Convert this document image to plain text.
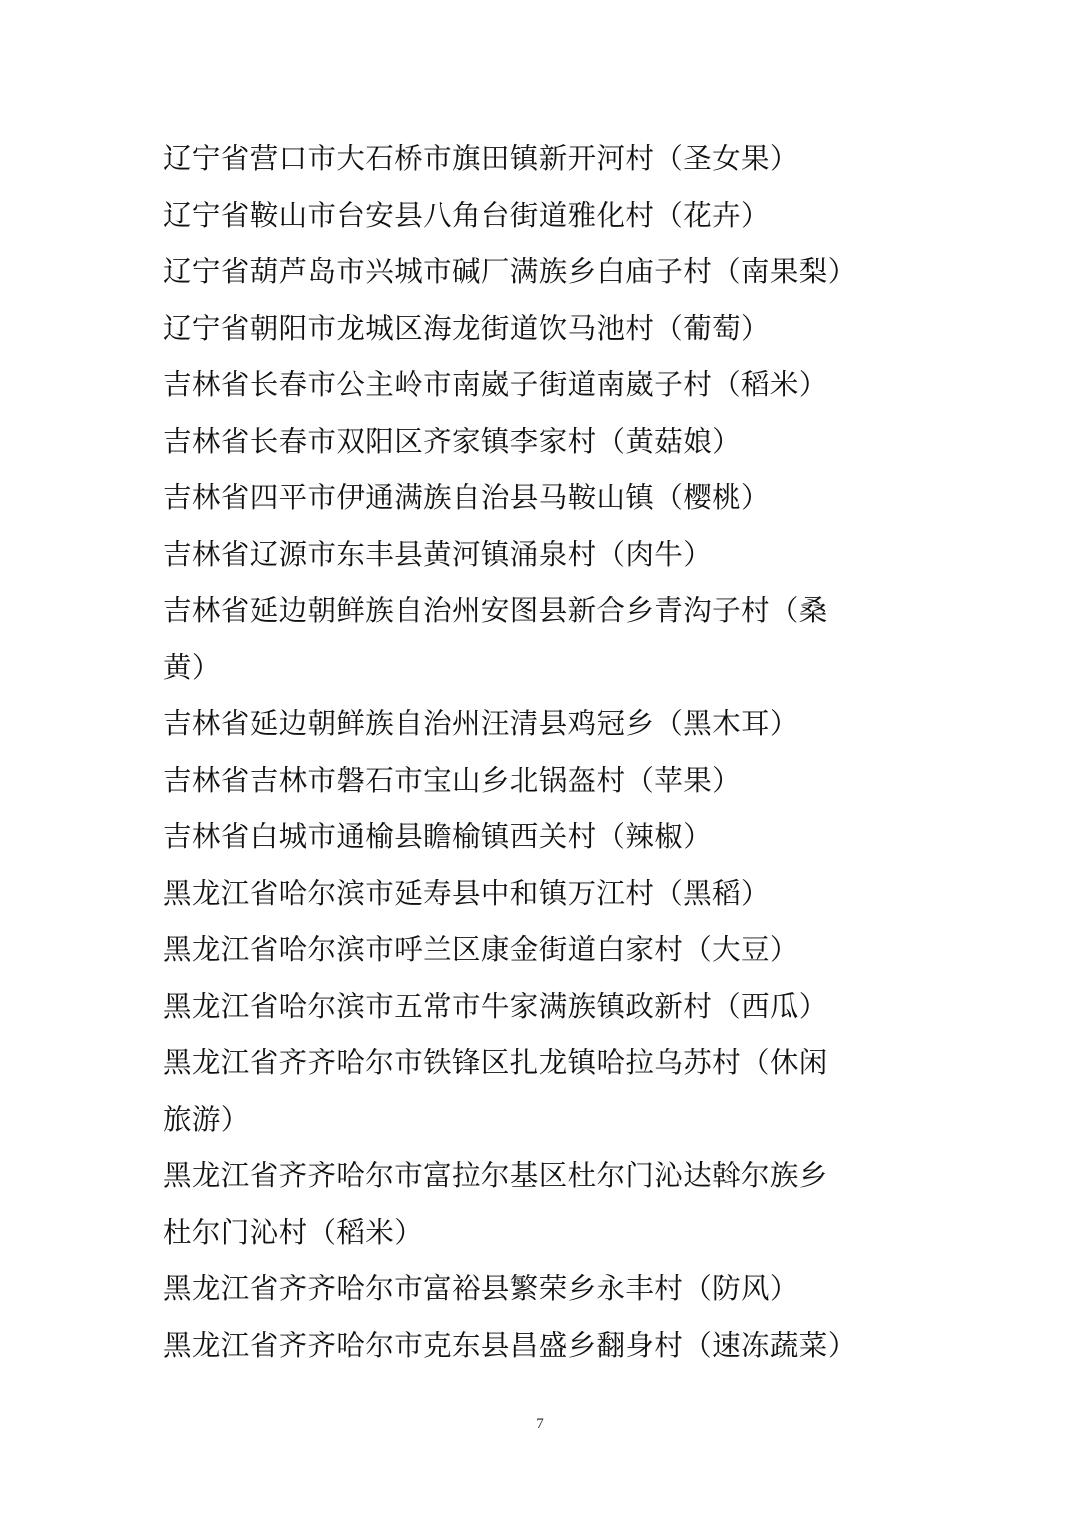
辽宁省营口市大石桥市旗田镇新开河村（圣女果）
辽宁省鞍山市台安县八角台街道雅化村（花卉）
辽宁省葫芦岛市兴城市碱厂满族乡白庙子村（南果梨）
辽宁省朝阳市龙城区海龙街道饮马池村（葡萄）
吉林省长春市公主岭市南崴子街道南崴子村（稻米）
吉林省长春市双阳区齐家镇李家村（黄菇娘）
吉林省四平市伊通满族自治县马鞍山镇（樱桃）
吉林省辽源市东丰县黄河镇涌泉村（肉牛）
吉林省延边朝鲜族自治州安图县新合乡青沟子村（桑黄）
吉林省延边朝鲜族自治州汪清县鸡冠乡（黑木耳）
吉林省吉林市磐石市宝山乡北锅盔村（苹果）
吉林省白城市通榆县瞻榆镇西关村（辣椒）
黑龙江省哈尔滨市延寿县中和镇万江村（黑稻）
黑龙江省哈尔滨市呼兰区康金街道白家村（大豆）
黑龙江省哈尔滨市五常市牛家满族镇政新村（西瓜）
黑龙江省齐齐哈尔市铁锋区扎龙镇哈拉乌苏村（休闲旅游）
黑龙江省齐齐哈尔市富拉尔基区杜尔门沁达斡尔族乡杜尔门沁村（稻米）
黑龙江省齐齐哈尔市富裕县繁荣乡永丰村（防风）
黑龙江省齐齐哈尔市克东县昌盛乡翻身村（速冻蔬菜）
7
